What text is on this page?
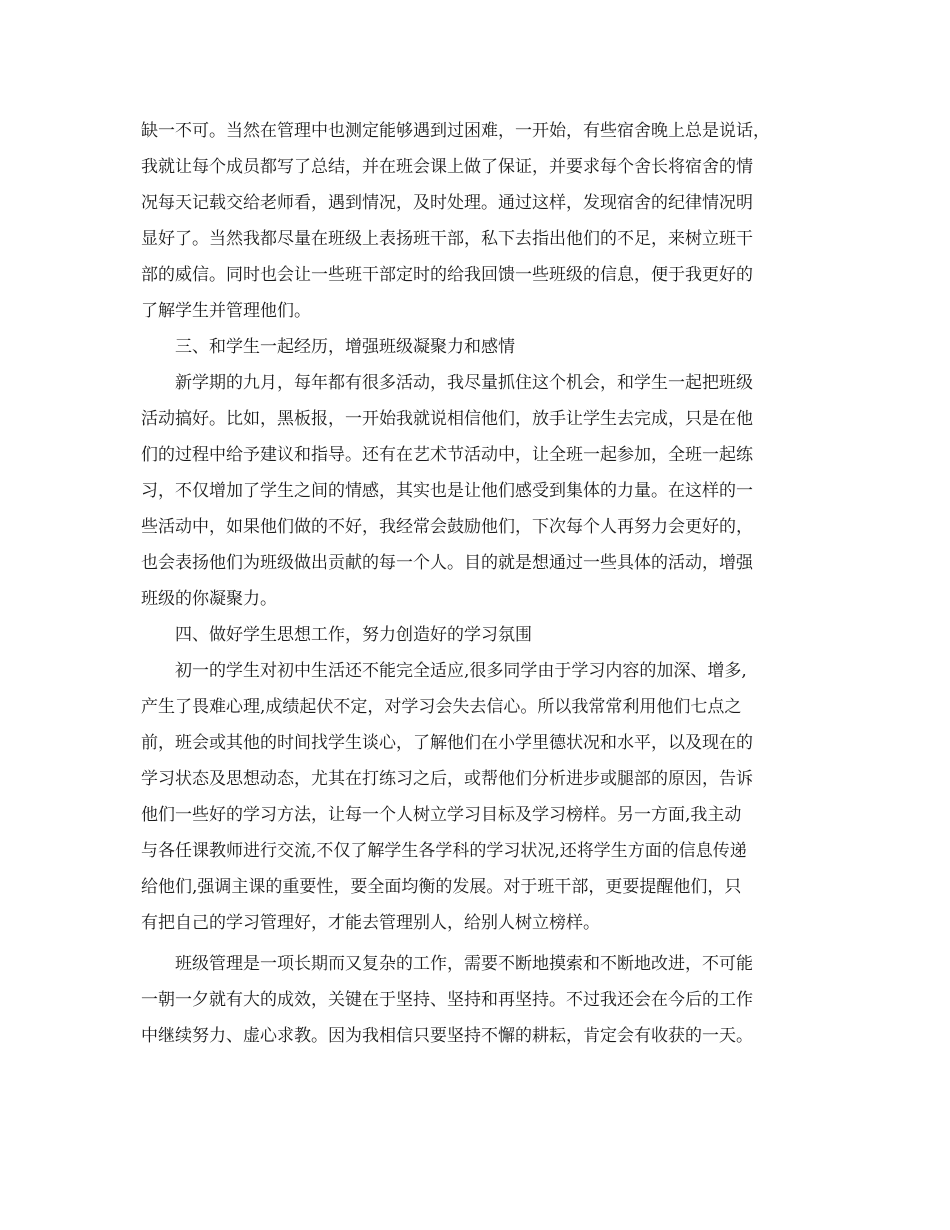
缺一不可。当然在管理中也测定能够遇到过困难，一开始，有些宿舍晚上总是说话，
我就让每个成员都写了总结，并在班会课上做了保证，并要求每个舍长将宿舍的情
况每天记载交给老师看，遇到情况，及时处理。通过这样，发现宿舍的纪律情况明
显好了。当然我都尽量在班级上表扬班干部，私下去指出他们的不足，来树立班干
部的威信。同时也会让一些班干部定时的给我回馈一些班级的信息，便于我更好的
了解学生并管理他们。
三、和学生一起经历，增强班级凝聚力和感情
新学期的九月，每年都有很多活动，我尽量抓住这个机会，和学生一起把班级
活动搞好。比如，黑板报，一开始我就说相信他们，放手让学生去完成，只是在他
们的过程中给予建议和指导。还有在艺术节活动中，让全班一起参加，全班一起练
习，不仅增加了学生之间的情感，其实也是让他们感受到集体的力量。在这样的一
些活动中，如果他们做的不好，我经常会鼓励他们，下次每个人再努力会更好的，
也会表扬他们为班级做出贡献的每一个人。目的就是想通过一些具体的活动，增强
班级的你凝聚力。
四、做好学生思想工作，努力创造好的学习氛围
初一的学生对初中生活还不能完全适应,很多同学由于学习内容的加深、增多,
产生了畏难心理,成绩起伏不定，对学习会失去信心。所以我常常利用他们七点之
前，班会或其他的时间找学生谈心，了解他们在小学里德状况和水平，以及现在的
学习状态及思想动态，尤其在打练习之后，或帮他们分析进步或腿部的原因，告诉
他们一些好的学习方法，让每一个人树立学习目标及学习榜样。另一方面,我主动
与各任课教师进行交流,不仅了解学生各学科的学习状况,还将学生方面的信息传递
给他们,强调主课的重要性，要全面均衡的发展。对于班干部，更要提醒他们，只
有把自己的学习管理好，才能去管理别人，给别人树立榜样。
班级管理是一项长期而又复杂的工作，需要不断地摸索和不断地改进，不可能
一朝一夕就有大的成效，关键在于坚持、坚持和再坚持。不过我还会在今后的工作
中继续努力、虚心求教。因为我相信只要坚持不懈的耕耘，肯定会有收获的一天。
